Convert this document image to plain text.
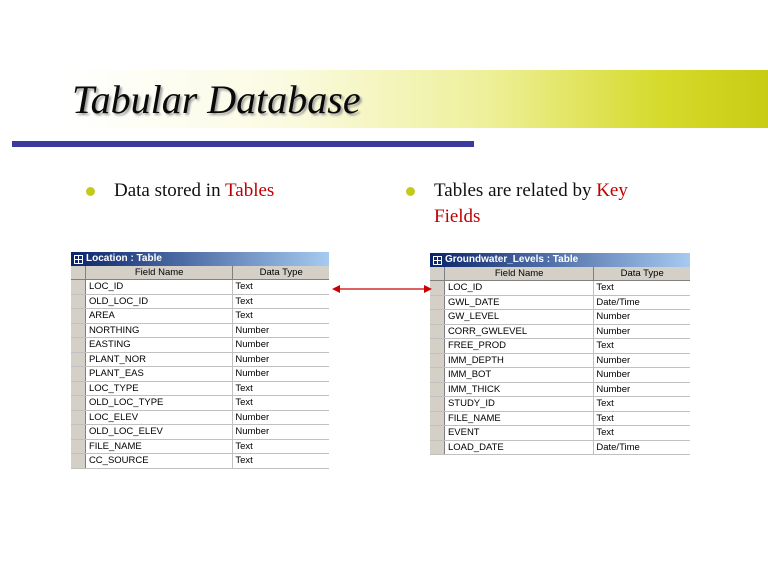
Tabular Database
Data stored in Tables	Tables are related by Key
Fields
Location : Table
Field Name	Data Type
LOC_ID	Text
OLD_LOC_ID	Text
AREA	Text
NORTHING	Number
EASTING	Number
PLANT_NOR	Number
PLANT_EAS	Number
LOC_TYPE	Text
OLD_LOC_TYPE	Text
LOC_ELEV	Number
OLD_LOC_ELEV	Number
FILE_NAME	Text
CC_SOURCE	Text
Groundwater_Levels : Table
Field Name	Data Type
LOC_ID	Text
GWL_DATE	Date/Time
GW_LEVEL	Number
CORR_GWLEVEL	Number
FREE_PROD	Text
IMM_DEPTH	Number
IMM_BOT	Number
IMM_THICK	Number
STUDY_ID	Text
FILE_NAME	Text
EVENT	Text
LOAD_DATE	Date/Time
